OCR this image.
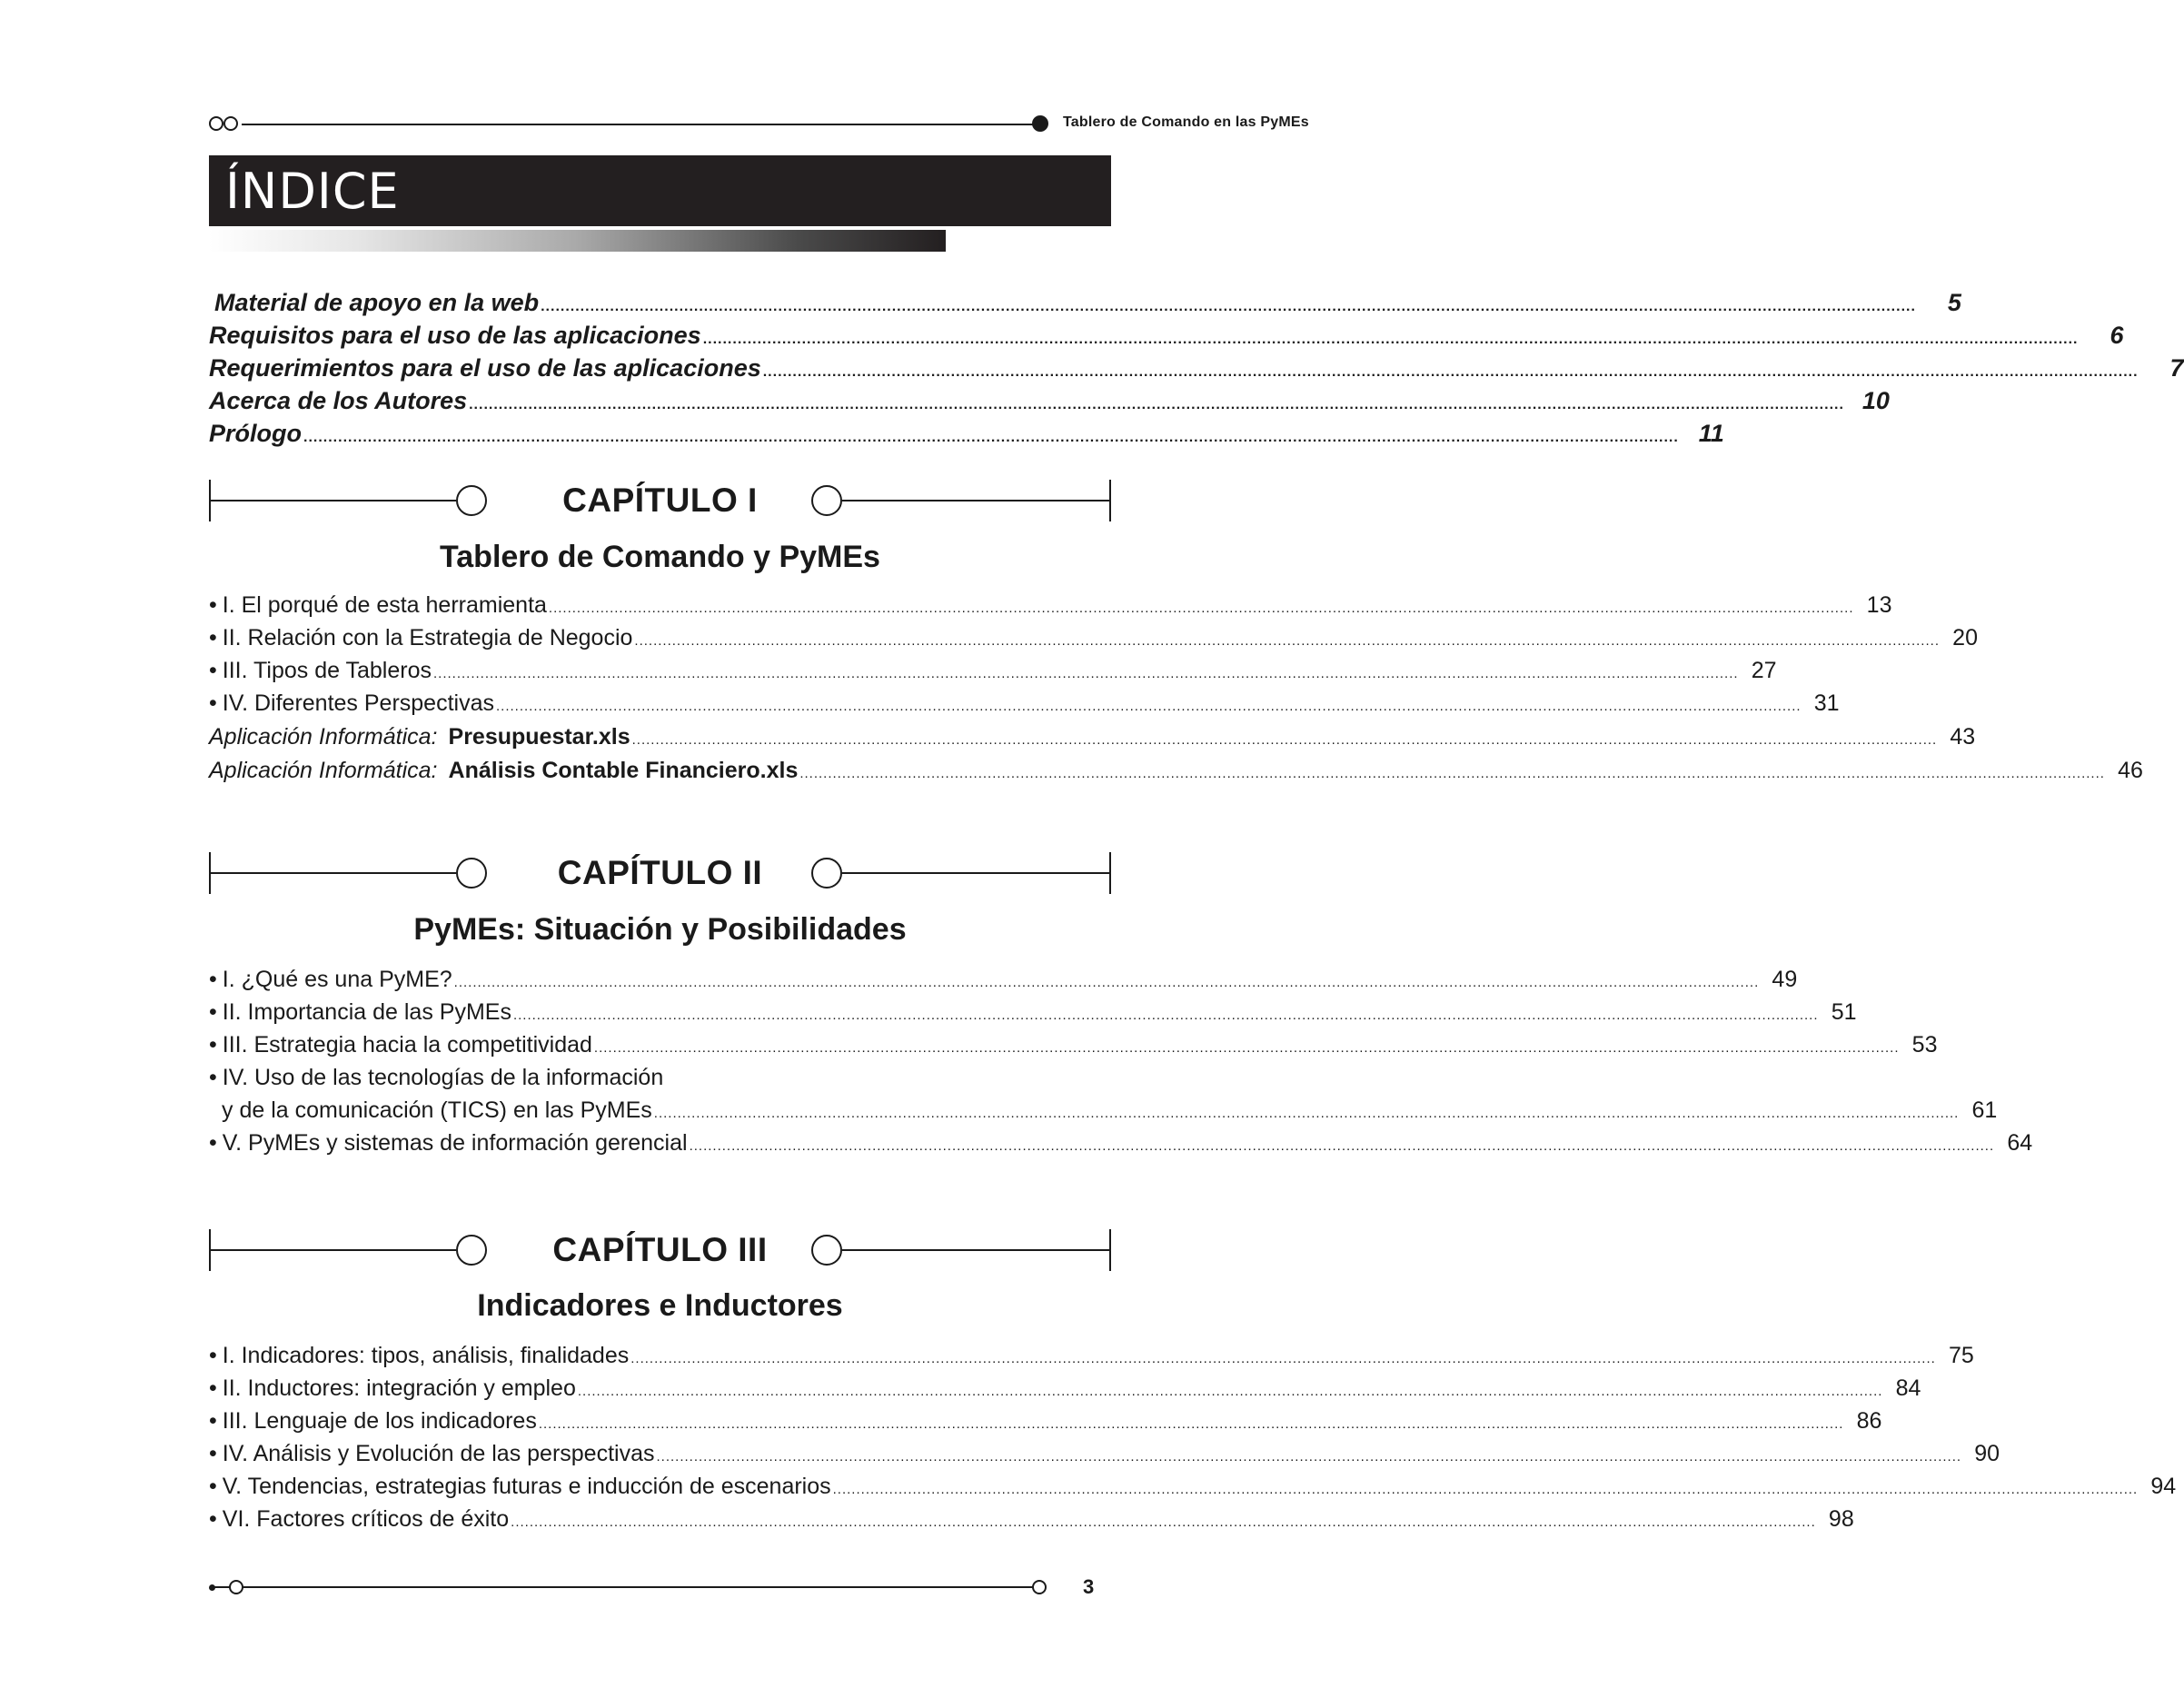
Tablero de Comando en las PyMEs
ÍNDICE
Material de apoyo en la web .....	5
Requisitos para el uso de las aplicaciones .....	6
Requerimientos para el uso de las aplicaciones .....	7
Acerca de los Autores .....	10
Prólogo .....	11
CAPÍTULO I
Tablero de Comando y PyMEs
• I. El porqué de esta herramienta .....	13
• II. Relación con la Estrategia de Negocio .....	20
• III. Tipos de Tableros .....	27
• IV. Diferentes Perspectivas .....	31
Aplicación Informática: Presupuestar.xls .....	43
Aplicación Informática: Análisis Contable Financiero.xls .....	46
CAPÍTULO II
PyMEs: Situación y Posibilidades
• I. ¿Qué es una PyME? .....	49
• II. Importancia de las PyMEs .....	51
• III. Estrategia hacia la competitividad .....	53
• IV. Uso de las tecnologías de la información
y de la comunicación (TICS) en las PyMEs .....	61
• V. PyMEs y sistemas de información gerencial .....	64
CAPÍTULO III
Indicadores e Inductores
• I. Indicadores: tipos, análisis, finalidades .....	75
• II. Inductores: integración y empleo .....	84
• III. Lenguaje de los indicadores .....	86
• IV. Análisis y Evolución de las perspectivas .....	90
• V. Tendencias, estrategias futuras e inducción de escenarios .....	94
• VI. Factores críticos de éxito .....	98
3
